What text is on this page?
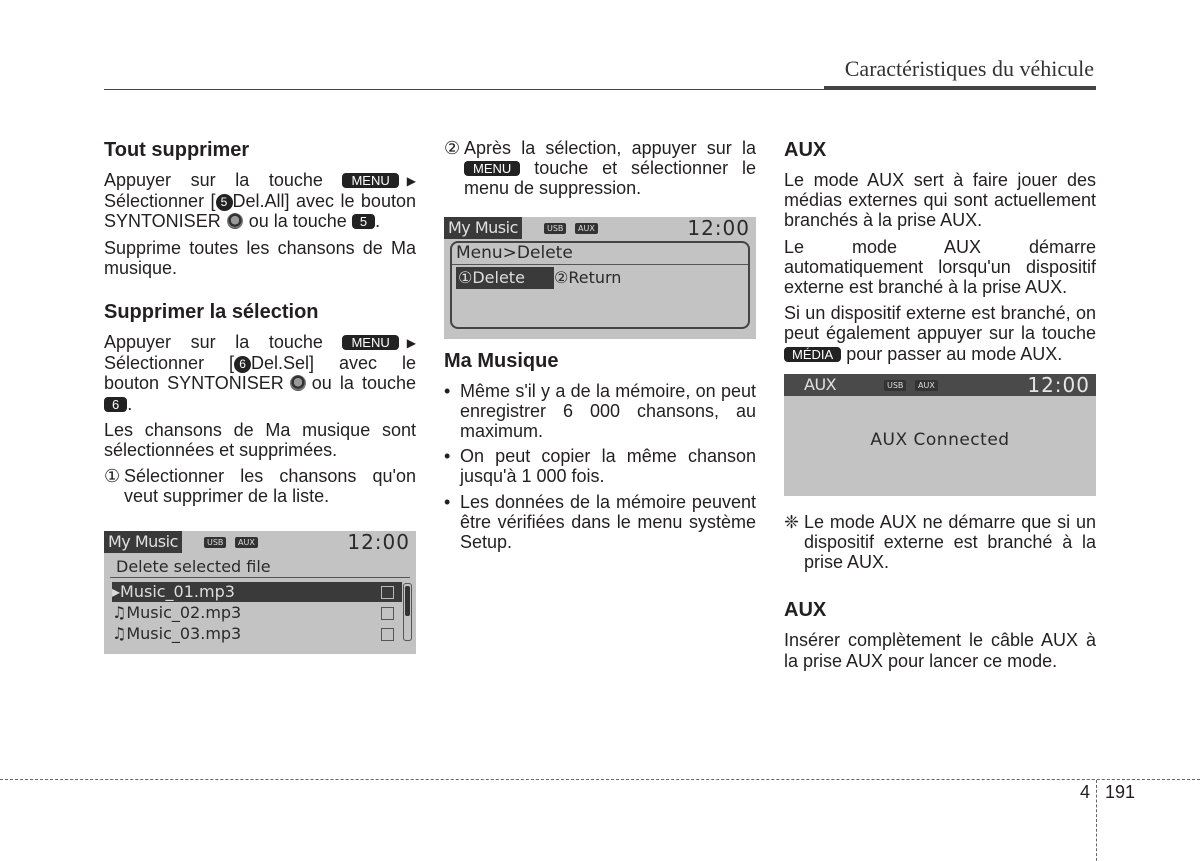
Caractéristiques du véhicule
Tout supprimer

Appuyer sur la touche MENU ▶ Sélectionner [ 5 Del.All] avec le bouton SYNTONISER ou la touche 5 .

Supprime toutes les chansons de Ma musique.

Supprimer la sélection

Appuyer sur la touche MENU ▶ Sélectionner [ 6 Del.Sel] avec le bouton SYNTONISER ou la touche 6 .

Les chansons de Ma musique sont sélectionnées et supprimées.

① Sélectionner les chansons qu'on veut supprimer de la liste.
My Music	USB	AUX	12:00
Delete selected file
▸Music_01.mp3
♫Music_02.mp3
♫Music_03.mp3
② Après la sélection, appuyer sur la MENU touche et sélectionner le menu de suppression.
My Music	USB	AUX	12:00
Menu>Delete
①Delete	②Return
Ma Musique
• Même s'il y a de la mémoire, on peut enregistrer 6 000 chansons, au maximum.
• On peut copier la même chanson jusqu'à 1 000 fois.
• Les données de la mémoire peuvent être vérifiées dans le menu système Setup.
AUX

Le mode AUX sert à faire jouer des médias externes qui sont actuellement branchés à la prise AUX.

Le mode AUX démarre automatiquement lorsqu'un dispositif externe est branché à la prise AUX.

Si un dispositif externe est branché, on peut également appuyer sur la touche MÉDIA pour passer au mode AUX.

AUX	USB	AUX	12:00
AUX Connected
❈ Le mode AUX ne démarre que si un dispositif externe est branché à la prise AUX.
AUX

Insérer complètement le câble AUX à la prise AUX pour lancer ce mode.

4 191
